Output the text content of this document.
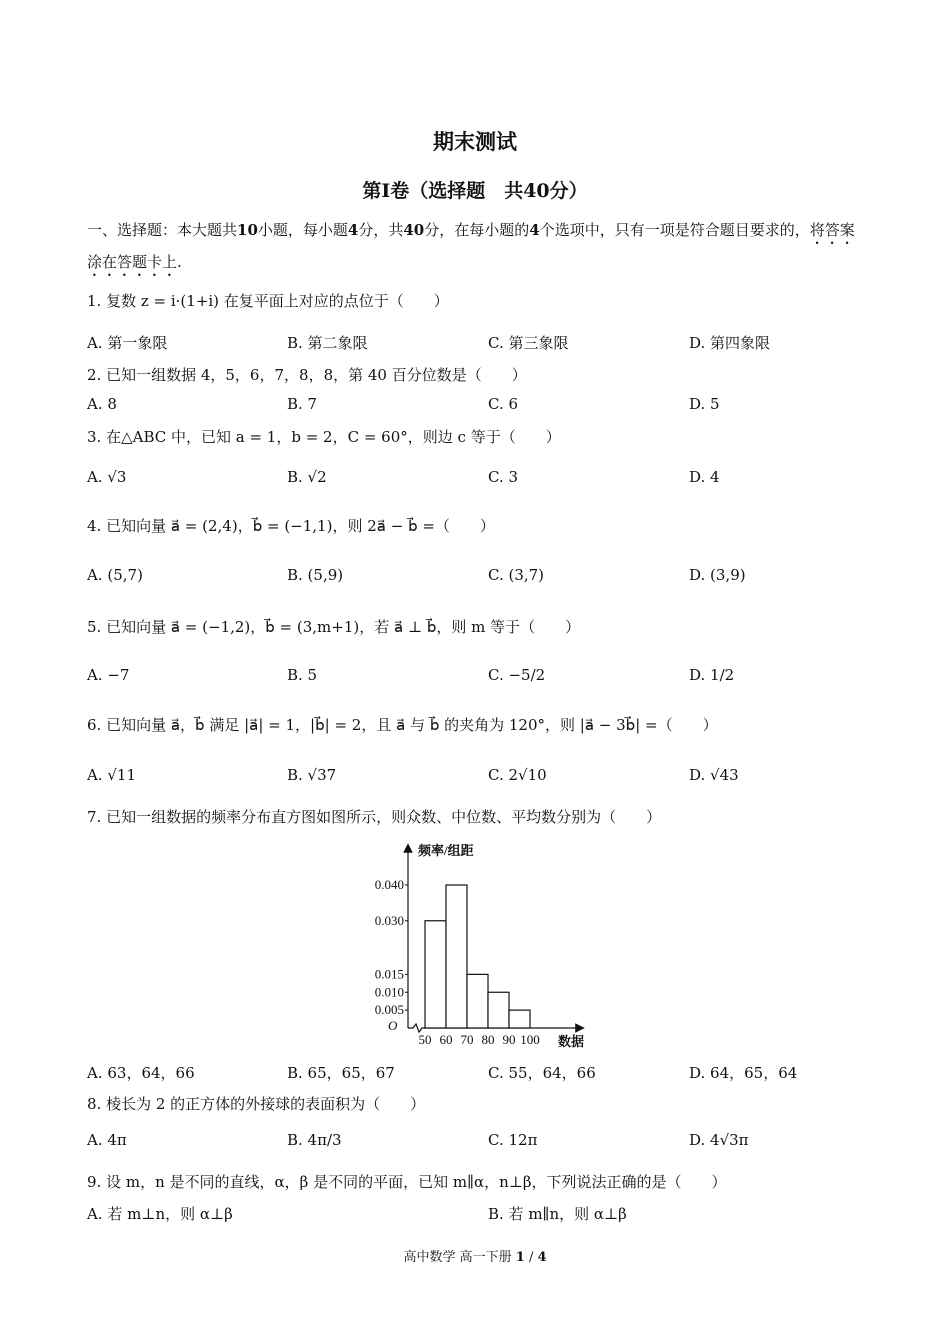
期末测试
第Ⅰ卷（选择题　共40分）
一、选择题：本大题共10小题，每小题4分，共40分，在每小题的4个选项中，只有一项是符合题目要求的，将答案涂在答题卡上.
1. 复数 z = i·(1+i) 在复平面上对应的点位于（　　）
A. 第一象限	B. 第二象限	C. 第三象限	D. 第四象限
2. 已知一组数据 4，5，6，7，8，8，第 40 百分位数是（　　）
A. 8	B. 7	C. 6	D. 5
3. 在△ABC 中，已知 a = 1，b = 2，C = 60°，则边 c 等于（　　）
A. √3	B. √2	C. 3	D. 4
4. 已知向量 a⃗ = (2,4)，b⃗ = (−1,1)，则 2a⃗ − b⃗ =（　　）
A. (5,7)	B. (5,9)	C. (3,7)	D. (3,9)
5. 已知向量 a⃗ = (−1,2)，b⃗ = (3,m+1)，若 a⃗ ⊥ b⃗，则 m 等于（　　）
A. −7	B. 5	C. −5/2	D. 1/2
6. 已知向量 a⃗，b⃗ 满足 |a⃗| = 1，|b⃗| = 2，且 a⃗ 与 b⃗ 的夹角为 120°，则 |a⃗ − 3b⃗| =（　　）
A. √11	B. √37	C. 2√10	D. √43
7. 已知一组数据的频率分布直方图如图所示，则众数、中位数、平均数分别为（　　）
0.040
0.030
0.015
0.010
0.005
50 60 70 80 90 100
O
频率/组距
数据
A. 63，64，66	B. 65，65，67	C. 55，64，66	D. 64，65，64
8. 棱长为 2 的正方体的外接球的表面积为（　　）
A. 4π	B. 4π/3	C. 12π	D. 4√3π
9. 设 m，n 是不同的直线，α，β 是不同的平面，已知 m∥α，n⊥β，下列说法正确的是（　　）
A. 若 m⊥n，则 α⊥β	B. 若 m∥n，则 α⊥β
高中数学 高一下册 1 / 4
